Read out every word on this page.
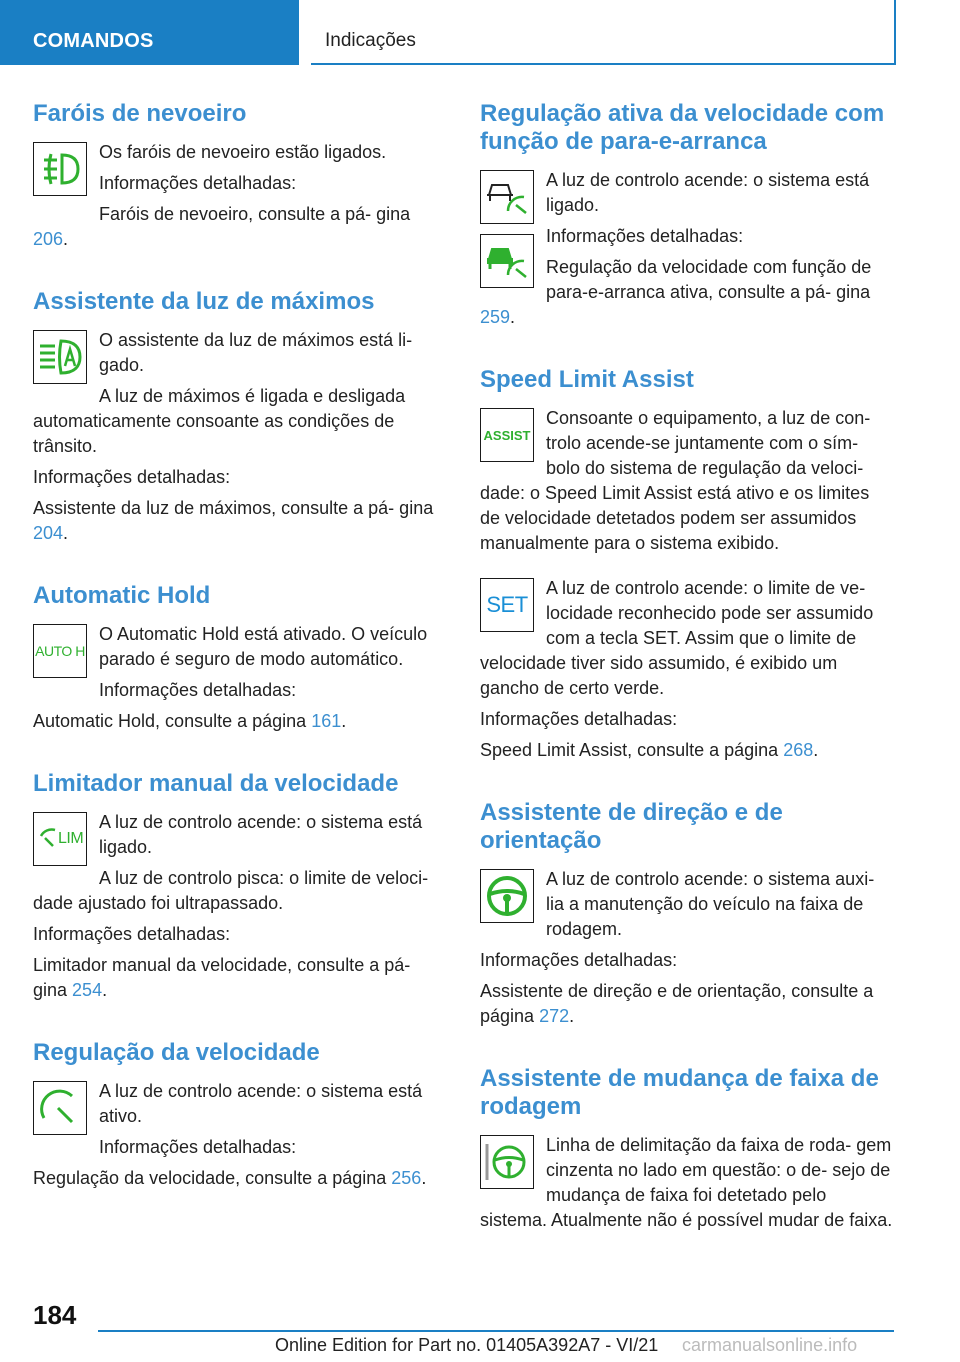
COMANDOS	Indicações
Faróis de nevoeiro

Os faróis de nevoeiro estão ligados.

Informações detalhadas:

Faróis de nevoeiro, consulte a pá- gina 206.

Assistente da luz de máximos

O assistente da luz de máximos está li- gado.

A luz de máximos é ligada e desligada automaticamente consoante as condições de trânsito.

Informações detalhadas:

Assistente da luz de máximos, consulte a pá- gina 204.

Automatic Hold
AUTO H

O Automatic Hold está ativado. O veículo parado é seguro de modo automático.

Informações detalhadas:

Automatic Hold, consulte a página 161.

Limitador manual da velocidade
LIM

A luz de controlo acende: o sistema está ligado.

A luz de controlo pisca: o limite de veloci- dade ajustado foi ultrapassado.

Informações detalhadas:

Limitador manual da velocidade, consulte a pá- gina 254.

Regulação da velocidade

A luz de controlo acende: o sistema está ativo.

Informações detalhadas:

Regulação da velocidade, consulte a página 256.

Regulação ativa da velocidade com função de para-e-arranca

A luz de controlo acende: o sistema está ligado.

Informações detalhadas:

Regulação da velocidade com função de para-e-arranca ativa, consulte a pá- gina 259.

Speed Limit Assist
ASSIST

Consoante o equipamento, a luz de con- trolo acende-se juntamente com o sím- bolo do sistema de regulação da veloci- dade: o Speed Limit Assist está ativo e os limites de velocidade detetados podem ser assumidos manualmente para o sistema exibido.

SET

A luz de controlo acende: o limite de ve- locidade reconhecido pode ser assumido com a tecla SET. Assim que o limite de velocidade tiver sido assumido, é exibido um gancho de certo verde.

Informações detalhadas:

Speed Limit Assist, consulte a página 268.

Assistente de direção e de orientação

A luz de controlo acende: o sistema auxi- lia a manutenção do veículo na faixa de rodagem.

Informações detalhadas:

Assistente de direção e de orientação, consulte a página 272.

Assistente de mudança de faixa de rodagem

Linha de delimitação da faixa de roda- gem cinzenta no lado em questão: o de- sejo de mudança de faixa foi detetado pelo sistema. Atualmente não é possível mudar de faixa.

184
Online Edition for Part no. 01405A392A7 - VI/21 carmanualsonline.info
